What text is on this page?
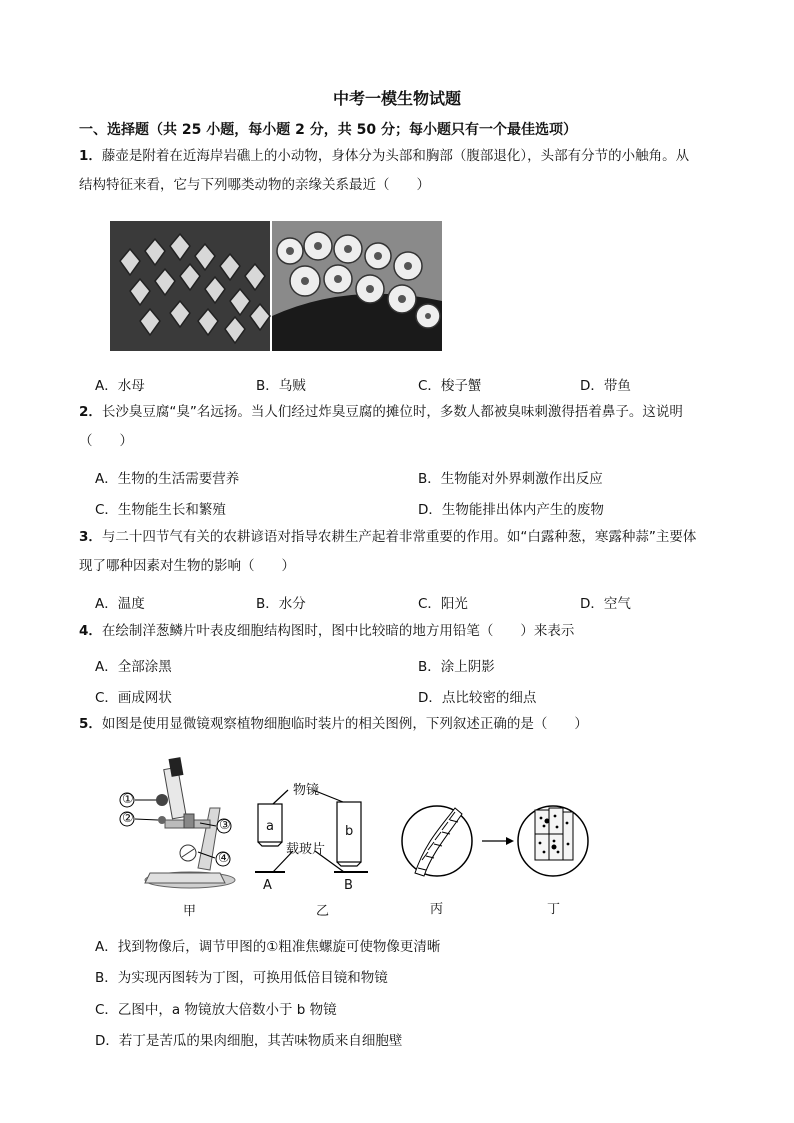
中考一模生物试题
一、选择题（共 25 小题，每小题 2 分，共 50 分；每小题只有一个最佳选项）
1．藤壶是附着在近海岸岩礁上的小动物，身体分为头部和胸部（腹部退化），头部有分节的小触角。从
结构特征来看，它与下列哪类动物的亲缘关系最近（　　）
A．水母	B．乌贼	C．梭子蟹	D．带鱼
2．长沙臭豆腐“臭”名远扬。当人们经过炸臭豆腐的摊位时，多数人都被臭味刺激得捂着鼻子。这说明
（　　）
A．生物的生活需要营养	B．生物能对外界刺激作出反应
C．生物能生长和繁殖	D．生物能排出体内产生的废物
3．与二十四节气有关的农耕谚语对指导农耕生产起着非常重要的作用。如“白露种葱，寒露种蒜”主要体
现了哪种因素对生物的影响（　　）
A．温度	B．水分	C．阳光	D．空气
4．在绘制洋葱鳞片叶表皮细胞结构图时，图中比较暗的地方用铅笔（　　）来表示
A．全部涂黑	B．涂上阴影
C．画成网状	D．点比较密的细点
5．如图是使用显微镜观察植物细胞临时装片的相关图例，下列叙述正确的是（　　）
①
②	③
④
物镜
a	b
载玻片
A	B
甲	乙	丙	丁
A．找到物像后，调节甲图的①粗准焦螺旋可使物像更清晰
B．为实现丙图转为丁图，可换用低倍目镜和物镜
C．乙图中，a 物镜放大倍数小于 b 物镜
D．若丁是苦瓜的果肉细胞，其苦味物质来自细胞壁
